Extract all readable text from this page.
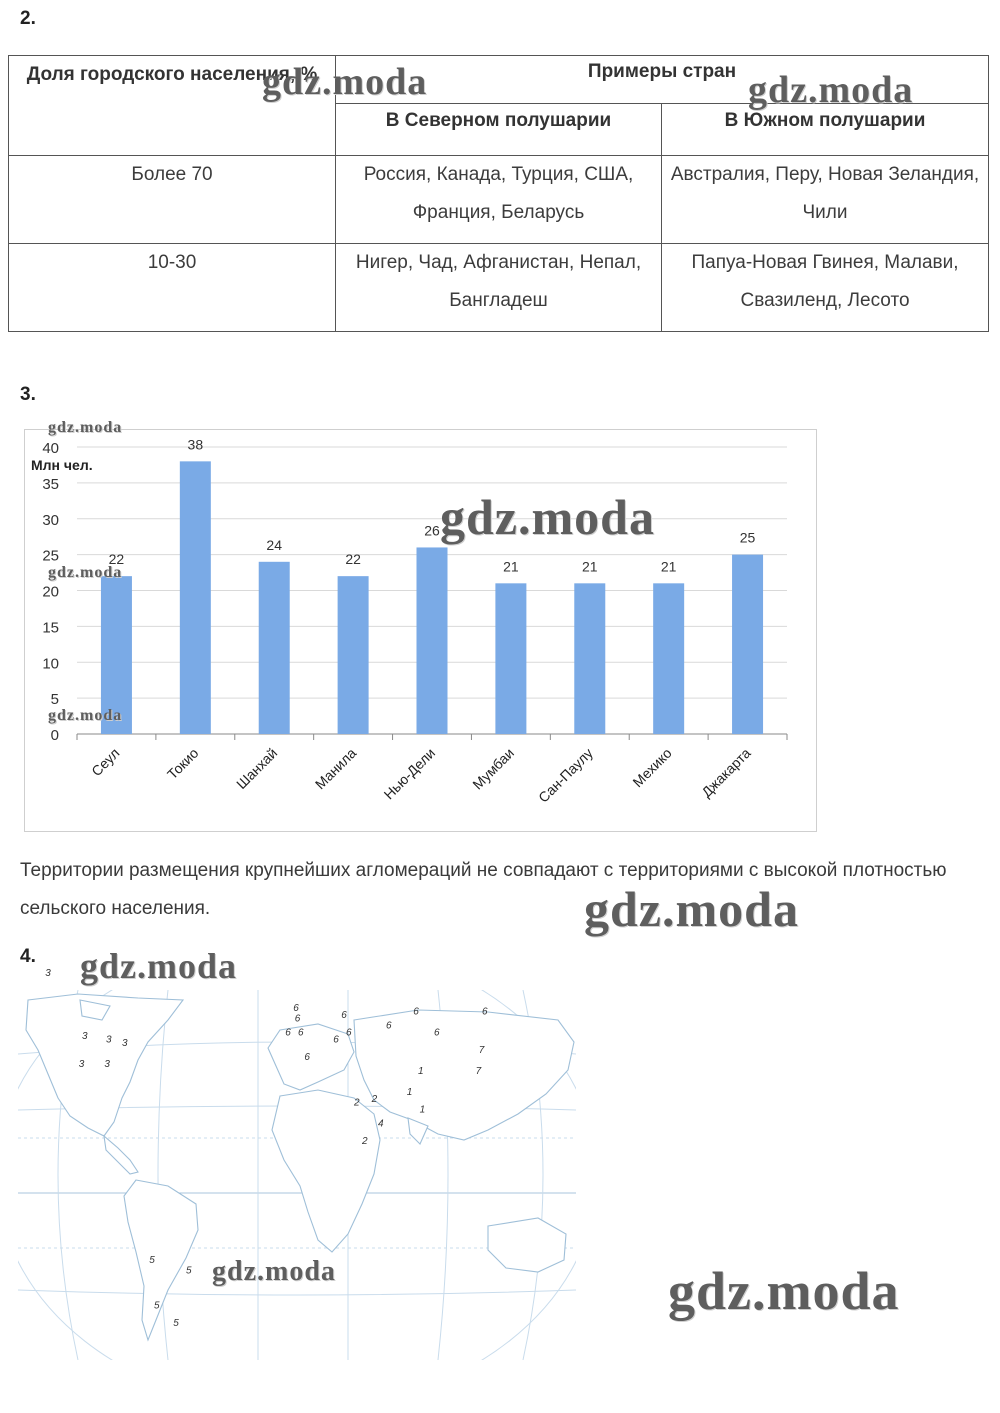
2.
Доля городского населения, %	Примеры стран	
	В Северном полушарии	В Южном полушарии
Более 70	Россия, Канада, Турция, США, Франция, Беларусь	Австралия, Перу, Новая Зеландия, Чили
10-30	Нигер, Чад, Афганистан, Непал, Бангладеш	Папуа-Новая Гвинея, Малави, Свазиленд, Лесото
3.
0
5
10
15
20
25
30
35
40
Млн чел.
22
Сеул
38
Токио
24
Шанхай
22
Манила
26
Нью-Дели
21
Мумбаи
21
Сан-Паулу
21
Мехико
25
Джакарта
Территории размещения крупнейших агломераций не совпадают с территориями с высокой плотностью сельского населения.
4.
3
3 3 3
3 3
6
6
6 6
6
6
6
6
6
6
6
6
7
7
1
1
1
2 2
4
2
5
5
5
5
gdz.moda	gdz.moda
gdz.moda
gdz.moda
gdz.moda
gdz.moda
gdz.moda
gdz.moda
gdz.moda	gdz.moda
